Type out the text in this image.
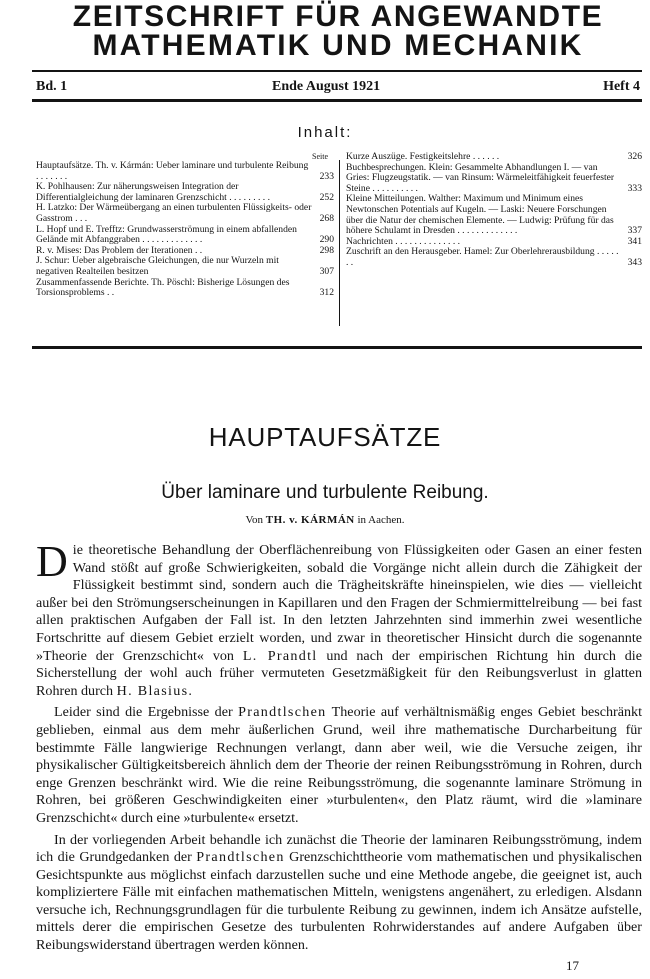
ZEITSCHRIFT FÜR ANGEWANDTE
MATHEMATIK UND MECHANIK
Bd. 1	Ende August 1921	Heft 4
Inhalt:
Seite
Hauptaufsätze. Th. v. Kármán: Ueber laminare und turbulente Reibung . . . . . . .	233
K. Pohlhausen: Zur näherungsweisen Integration der Differentialgleichung der laminaren Grenzschicht . . . . . . . . .	252
H. Latzko: Der Wärmeübergang an einen turbulenten Flüssigkeits- oder Gasstrom . . .	268
L. Hopf und E. Trefftz: Grundwasserströmung in einem abfallenden Gelände mit Abfanggraben . . . . . . . . . . . . .	290
R. v. Mises: Das Problem der Iterationen . .	298
J. Schur: Ueber algebraische Gleichungen, die nur Wurzeln mit negativen Realteilen besitzen	307
Zusammenfassende Berichte. Th. Pöschl: Bisherige Lösungen des Torsionsproblems . .	312
Kurze Auszüge. Festigkeitslehre . . . . . .	326
Buchbesprechungen. Klein: Gesammelte Abhandlungen I. — van Gries: Flugzeugstatik. — van Rinsum: Wärmeleitfähigkeit feuerfester Steine . . . . . . . . . .	333
Kleine Mitteilungen. Walther: Maximum und Minimum eines Newtonschen Potentials auf Kugeln. — Laski: Neuere Forschungen über die Natur der chemischen Elemente. — Ludwig: Prüfung für das höhere Schulamt in Dresden . . . . . . . . . . . . .	337
Nachrichten . . . . . . . . . . . . . .	341
Zuschrift an den Herausgeber. Hamel: Zur Oberlehrerausbildung . . . . . . .	343
HAUPTAUFSÄTZE
Über laminare und turbulente Reibung.
Von TH. v. KÁRMÁN in Aachen.

Die theoretische Behandlung der Oberflächenreibung von Flüssigkeiten oder Gasen an einer festen Wand stößt auf große Schwierigkeiten, sobald die Vorgänge nicht allein durch die Zähigkeit der Flüssigkeit bestimmt sind, sondern auch die Trägheitskräfte hineinspielen, wie dies — vielleicht außer bei den Strömungserscheinungen in Kapillaren und den Fragen der Schmiermittelreibung — bei fast allen praktischen Aufgaben der Fall ist. In den letzten Jahrzehnten sind immerhin zwei wesentliche Fortschritte auf diesem Gebiet erzielt worden, und zwar in theoretischer Hinsicht durch die sogenannte »Theorie der Grenzschicht« von L. Prandtl und nach der empirischen Richtung hin durch die Sicherstellung der wohl auch früher vermuteten Gesetzmäßigkeit für den Reibungsverlust in glatten Rohren durch H. Blasius.

Leider sind die Ergebnisse der Prandtlschen Theorie auf verhältnismäßig enges Gebiet beschränkt geblieben, einmal aus dem mehr äußerlichen Grund, weil ihre mathematische Durcharbeitung für bestimmte Fälle langwierige Rechnungen verlangt, dann aber weil, wie die Versuche zeigen, ihr physikalischer Gültigkeitsbereich ähnlich dem der Theorie der reinen Reibungsströmung in Rohren, durch enge Grenzen beschränkt wird. Wie die reine Reibungsströmung, die sogenannte laminare Strömung in Rohren, bei größeren Geschwindigkeiten einer »turbulenten«, den Platz räumt, wird die »laminare Grenzschicht« durch eine »turbulente« ersetzt.

In der vorliegenden Arbeit behandle ich zunächst die Theorie der laminaren Reibungsströmung, indem ich die Grundgedanken der Prandtlschen Grenzschichttheorie vom mathematischen und physikalischen Gesichtspunkte aus möglichst einfach darzustellen suche und eine Methode angebe, die geeignet ist, auch kompliziertere Fälle mit einfachen mathematischen Mitteln, wenigstens angenähert, zu erledigen. Alsdann versuche ich, Rechnungsgrundlagen für die turbulente Reibung zu gewinnen, indem ich Ansätze aufstelle, mittels derer die empirischen Gesetze des turbulenten Rohrwiderstandes auf andere Aufgaben über Reibungswiderstand übertragen werden können.

17
